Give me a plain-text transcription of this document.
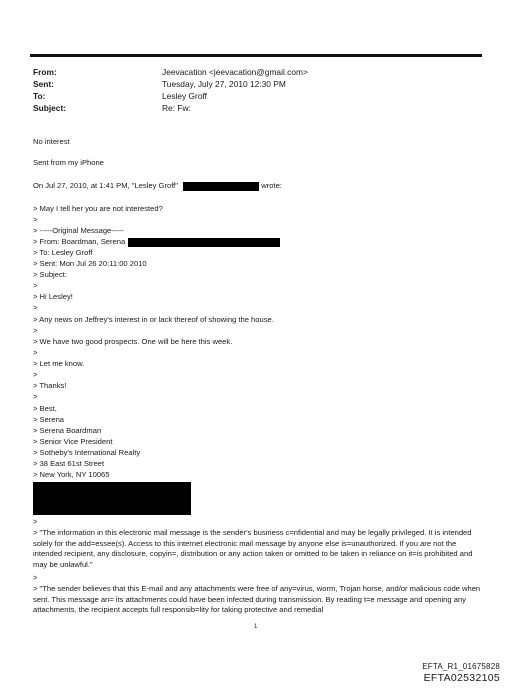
From:	Jeevacation <jeevacation@gmail.com>
Sent:	Tuesday, July 27, 2010 12:30 PM
To:	Lesley Groff
Subject:	Re: Fw:
No interest
Sent from my iPhone
On Jul 27, 2010, at 1:41 PM, "Lesley Groff"	wrote:
> May I tell her you are not interested?
>
> -----Original Message-----
> From: Boardman, Serena
> To: Lesley Groff
> Sent: Mon Jul 26 20:11:00 2010
> Subject:
>
> Hi Lesley!
>
> Any news on Jeffrey's interest in or lack thereof of showing the house.
>
> We have two good prospects. One will be here this week.
>
> Let me know.
>
> Thanks!
>
> Best,
> Serena
> Serena Boardman
> Senior Vice President
> Sotheby's International Realty
> 38 East 61st Street
> New York, NY 10065
>
> "The information in this electronic mail message is the sender's business c=nfidential and may be legally privileged. It is intended solely for the add=essee(s). Access to this internet electronic mail message by anyone else is=unauthorized. If you are not the intended recipient, any disclosure, copyin=, distribution or any action taken or omitted to be taken in reliance on it=is prohibited and may be unlawful."
>
> "The sender believes that this E-mail and any attachments were free of any=virus, worm, Trojan horse, and/or malicious code when sent. This message an= its attachments could have been infected during transmission. By reading t=e message and opening any attachments, the recipient accepts full responsib=lity for taking protective and remedial
1
EFTA_R1_01675828
EFTA02532105
